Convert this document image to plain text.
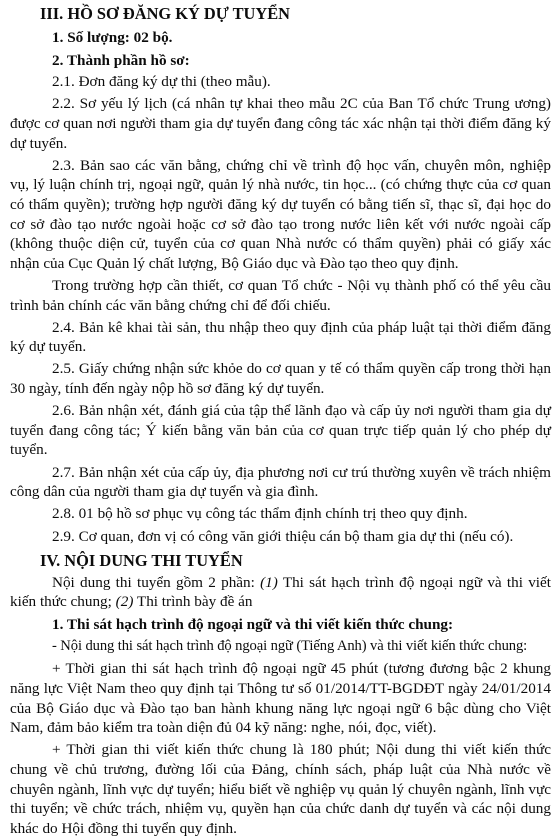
III. HỒ SƠ ĐĂNG KÝ DỰ TUYỂN

1. Số lượng: 02 bộ.

2. Thành phần hồ sơ:

2.1. Đơn đăng ký dự thi (theo mẫu).

2.2. Sơ yếu lý lịch (cá nhân tự khai theo mẫu 2C của Ban Tổ chức Trung ương) được cơ quan nơi người tham gia dự tuyển đang công tác xác nhận tại thời điểm đăng ký dự tuyển.

2.3. Bản sao các văn bằng, chứng chỉ về trình độ học vấn, chuyên môn, nghiệp vụ, lý luận chính trị, ngoại ngữ, quản lý nhà nước, tin học... (có chứng thực của cơ quan có thẩm quyền); trường hợp người đăng ký dự tuyển có bằng tiến sĩ, thạc sĩ, đại học do cơ sở đào tạo nước ngoài hoặc cơ sở đào tạo trong nước liên kết với nước ngoài cấp (không thuộc diện cử, tuyển của cơ quan Nhà nước có thẩm quyền) phải có giấy xác nhận của Cục Quản lý chất lượng, Bộ Giáo dục và Đào tạo theo quy định.

Trong trường hợp cần thiết, cơ quan Tổ chức - Nội vụ thành phố có thể yêu cầu trình bản chính các văn bằng chứng chỉ để đối chiếu.

2.4. Bản kê khai tài sản, thu nhập theo quy định của pháp luật tại thời điểm đăng ký dự tuyển.

2.5. Giấy chứng nhận sức khỏe do cơ quan y tế có thẩm quyền cấp trong thời hạn 30 ngày, tính đến ngày nộp hồ sơ đăng ký dự tuyển.

2.6. Bản nhận xét, đánh giá của tập thể lãnh đạo và cấp ủy nơi người tham gia dự tuyển đang công tác; Ý kiến bằng văn bản của cơ quan trực tiếp quản lý cho phép dự tuyển.

2.7. Bản nhận xét của cấp ủy, địa phương nơi cư trú thường xuyên về trách nhiệm công dân của người tham gia dự tuyển và gia đình.

2.8. 01 bộ hồ sơ phục vụ công tác thẩm định chính trị theo quy định.

2.9. Cơ quan, đơn vị có công văn giới thiệu cán bộ tham gia dự thi (nếu có).

IV. NỘI DUNG THI TUYỂN

Nội dung thi tuyển gồm 2 phần: (1) Thi sát hạch trình độ ngoại ngữ và thi viết kiến thức chung; (2) Thi trình bày đề án

1. Thi sát hạch trình độ ngoại ngữ và thi viết kiến thức chung:

- Nội dung thi sát hạch trình độ ngoại ngữ (Tiếng Anh) và thi viết kiến thức chung:

+ Thời gian thi sát hạch trình độ ngoại ngữ 45 phút (tương đương bậc 2 khung năng lực Việt Nam theo quy định tại Thông tư số 01/2014/TT-BGDĐT ngày 24/01/2014 của Bộ Giáo dục và Đào tạo ban hành khung năng lực ngoại ngữ 6 bậc dùng cho Việt Nam, đảm bảo kiểm tra toàn diện đủ 04 kỹ năng: nghe, nói, đọc, viết).

+ Thời gian thi viết kiến thức chung là 180 phút; Nội dung thi viết kiến thức chung về chủ trương, đường lối của Đảng, chính sách, pháp luật của Nhà nước về chuyên ngành, lĩnh vực dự tuyển; hiểu biết về nghiệp vụ quản lý chuyên ngành, lĩnh vực thi tuyển; về chức trách, nhiệm vụ, quyền hạn của chức danh dự tuyển và các nội dung khác do Hội đồng thi tuyển quy định.
